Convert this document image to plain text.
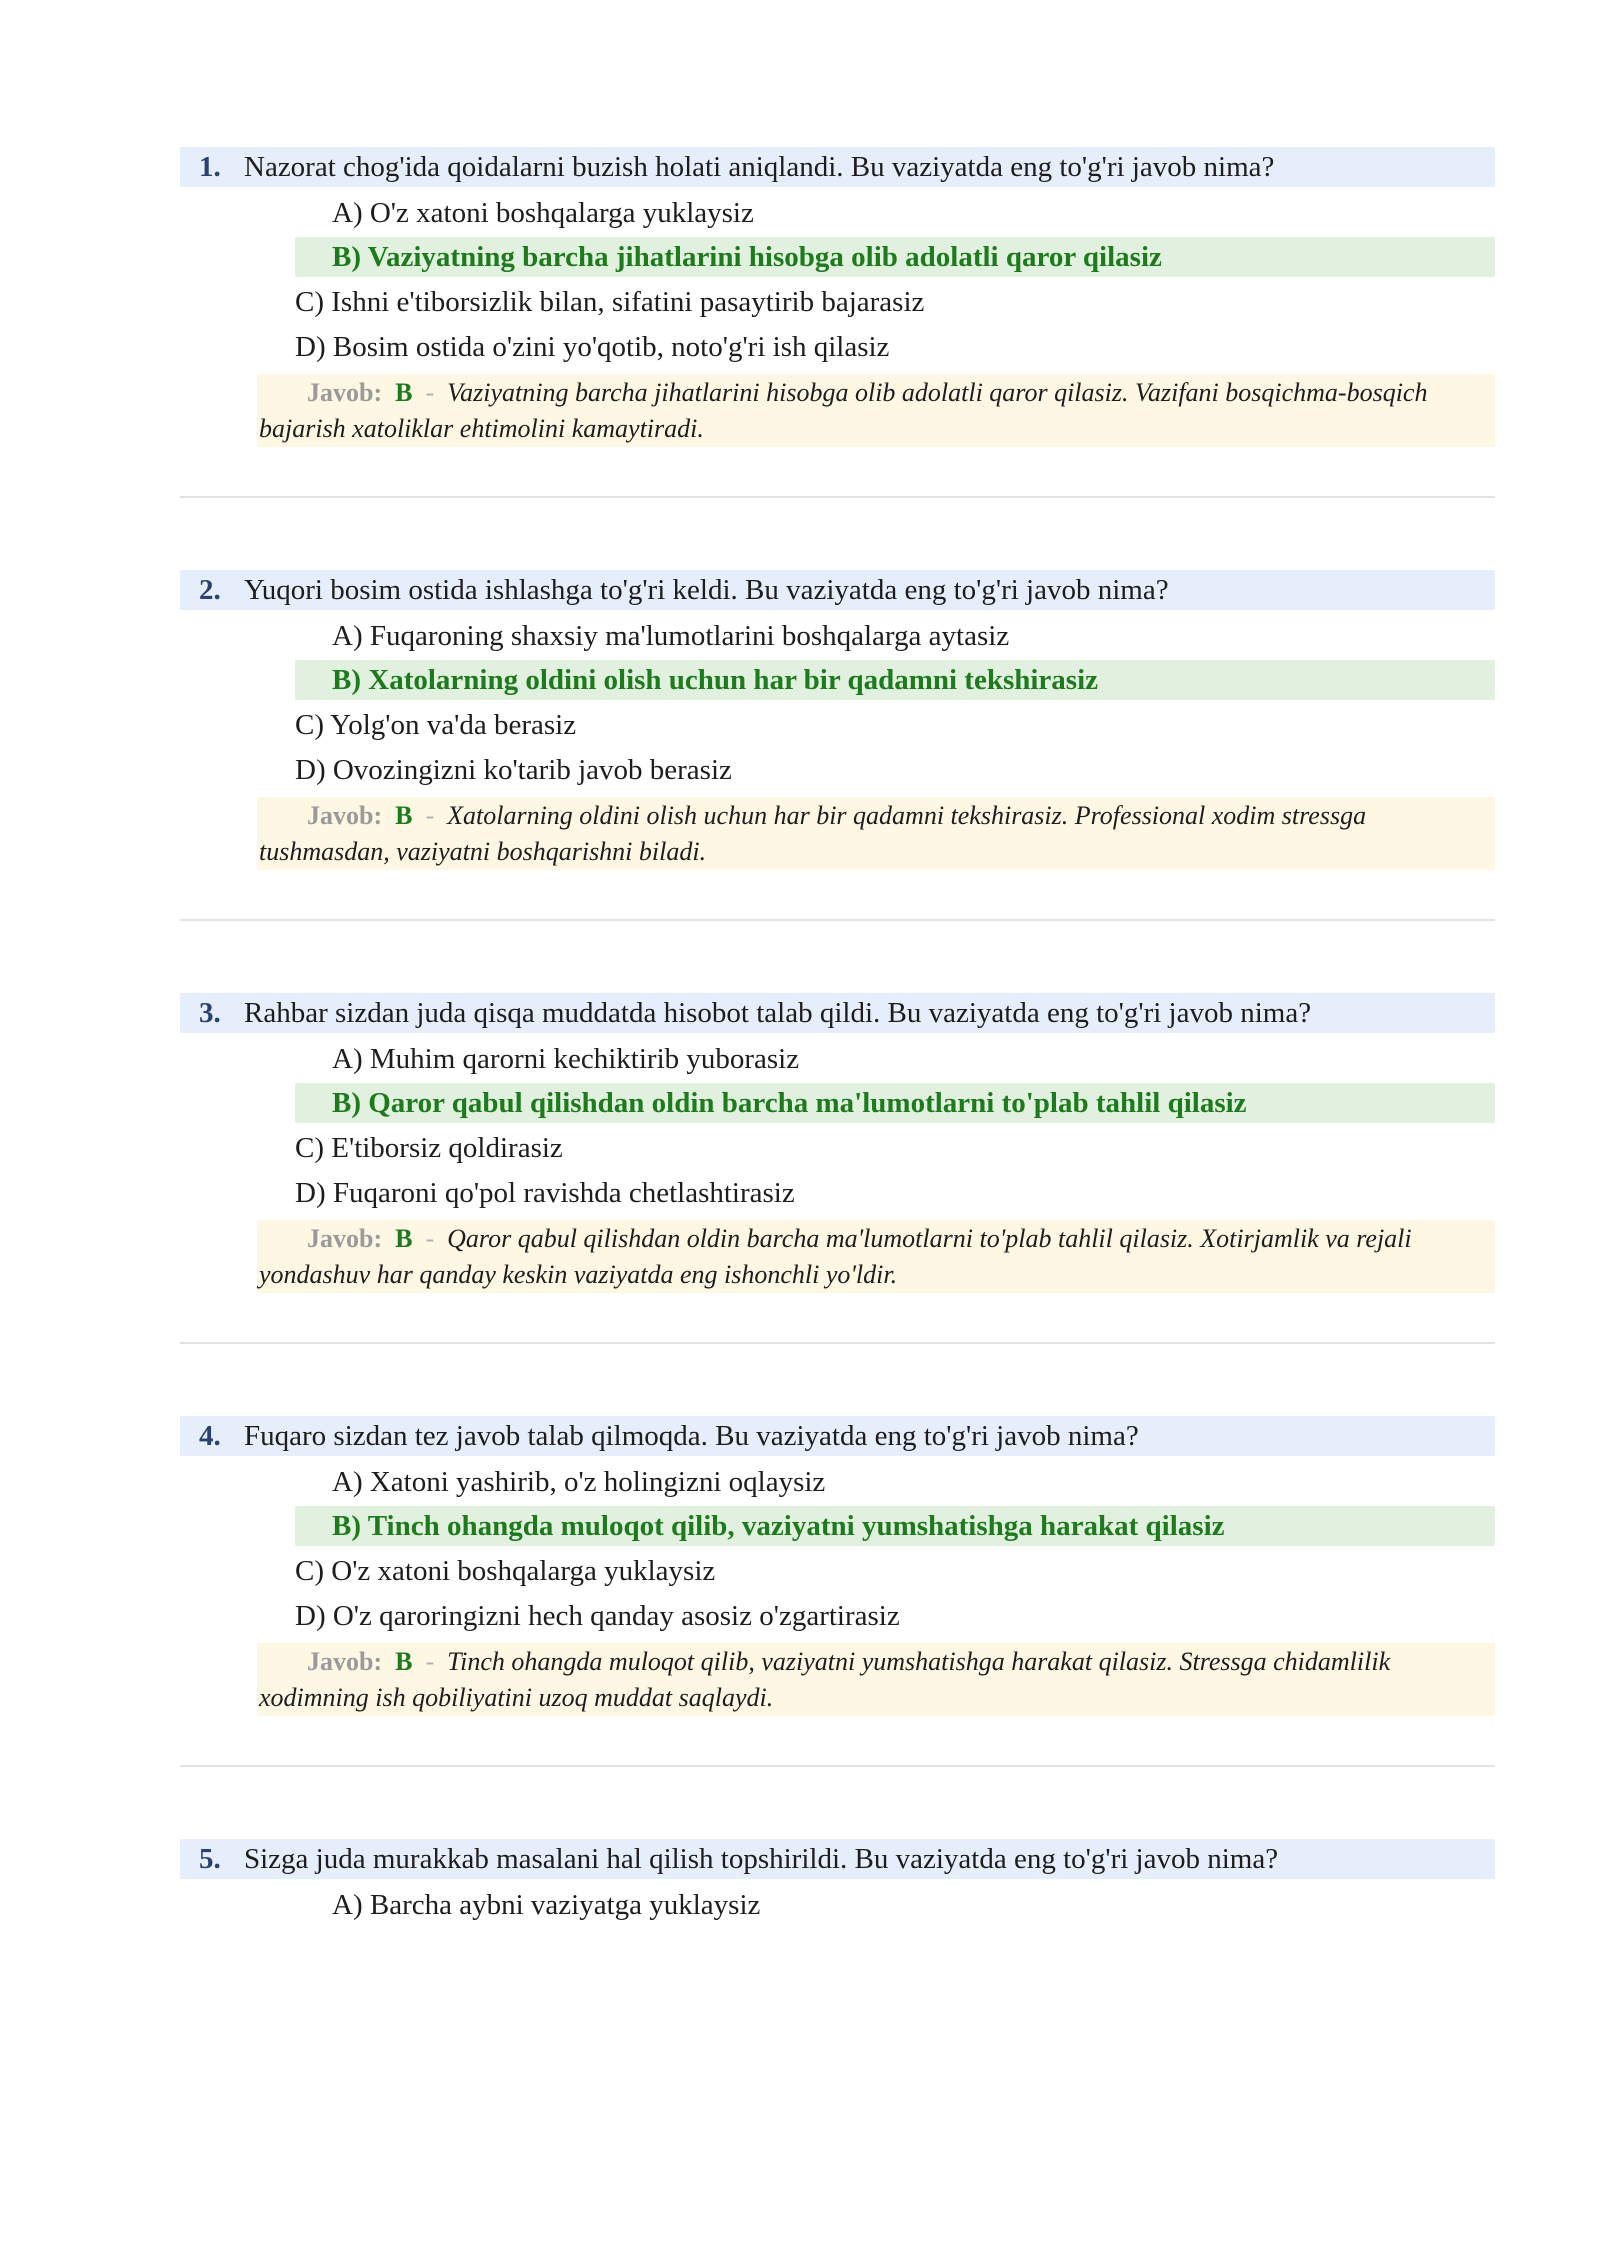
1. Nazorat chog'ida qoidalarni buzish holati aniqlandi. Bu vaziyatda eng to'g'ri javob nima?
A) O'z xatoni boshqalarga yuklaysiz
B) Vaziyatning barcha jihatlarini hisobga olib adolatli qaror qilasiz
C) Ishni e'tiborsizlik bilan, sifatini pasaytirib bajarasiz
D) Bosim ostida o'zini yo'qotib, noto'g'ri ish qilasiz
Javob: B - Vaziyatning barcha jihatlarini hisobga olib adolatli qaror qilasiz. Vazifani bosqichma-bosqich bajarish xatoliklar ehtimolini kamaytiradi.
2. Yuqori bosim ostida ishlashga to'g'ri keldi. Bu vaziyatda eng to'g'ri javob nima?
A) Fuqaroning shaxsiy ma'lumotlarini boshqalarga aytasiz
B) Xatolarning oldini olish uchun har bir qadamni tekshirasiz
C) Yolg'on va'da berasiz
D) Ovozingizni ko'tarib javob berasiz
Javob: B - Xatolarning oldini olish uchun har bir qadamni tekshirasiz. Professional xodim stressga tushmasdan, vaziyatni boshqarishni biladi.
3. Rahbar sizdan juda qisqa muddatda hisobot talab qildi. Bu vaziyatda eng to'g'ri javob nima?
A) Muhim qarorni kechiktirib yuborasiz
B) Qaror qabul qilishdan oldin barcha ma'lumotlarni to'plab tahlil qilasiz
C) E'tiborsiz qoldirasiz
D) Fuqaroni qo'pol ravishda chetlashtirasiz
Javob: B - Qaror qabul qilishdan oldin barcha ma'lumotlarni to'plab tahlil qilasiz. Xotirjamlik va rejali yondashuv har qanday keskin vaziyatda eng ishonchli yo'ldir.
4. Fuqaro sizdan tez javob talab qilmoqda. Bu vaziyatda eng to'g'ri javob nima?
A) Xatoni yashirib, o'z holingizni oqlaysiz
B) Tinch ohangda muloqot qilib, vaziyatni yumshatishga harakat qilasiz
C) O'z xatoni boshqalarga yuklaysiz
D) O'z qaroringizni hech qanday asosiz o'zgartirasiz
Javob: B - Tinch ohangda muloqot qilib, vaziyatni yumshatishga harakat qilasiz. Stressga chidamlilik xodimning ish qobiliyatini uzoq muddat saqlaydi.
5. Sizga juda murakkab masalani hal qilish topshirildi. Bu vaziyatda eng to'g'ri javob nima?
A) Barcha aybni vaziyatga yuklaysiz
